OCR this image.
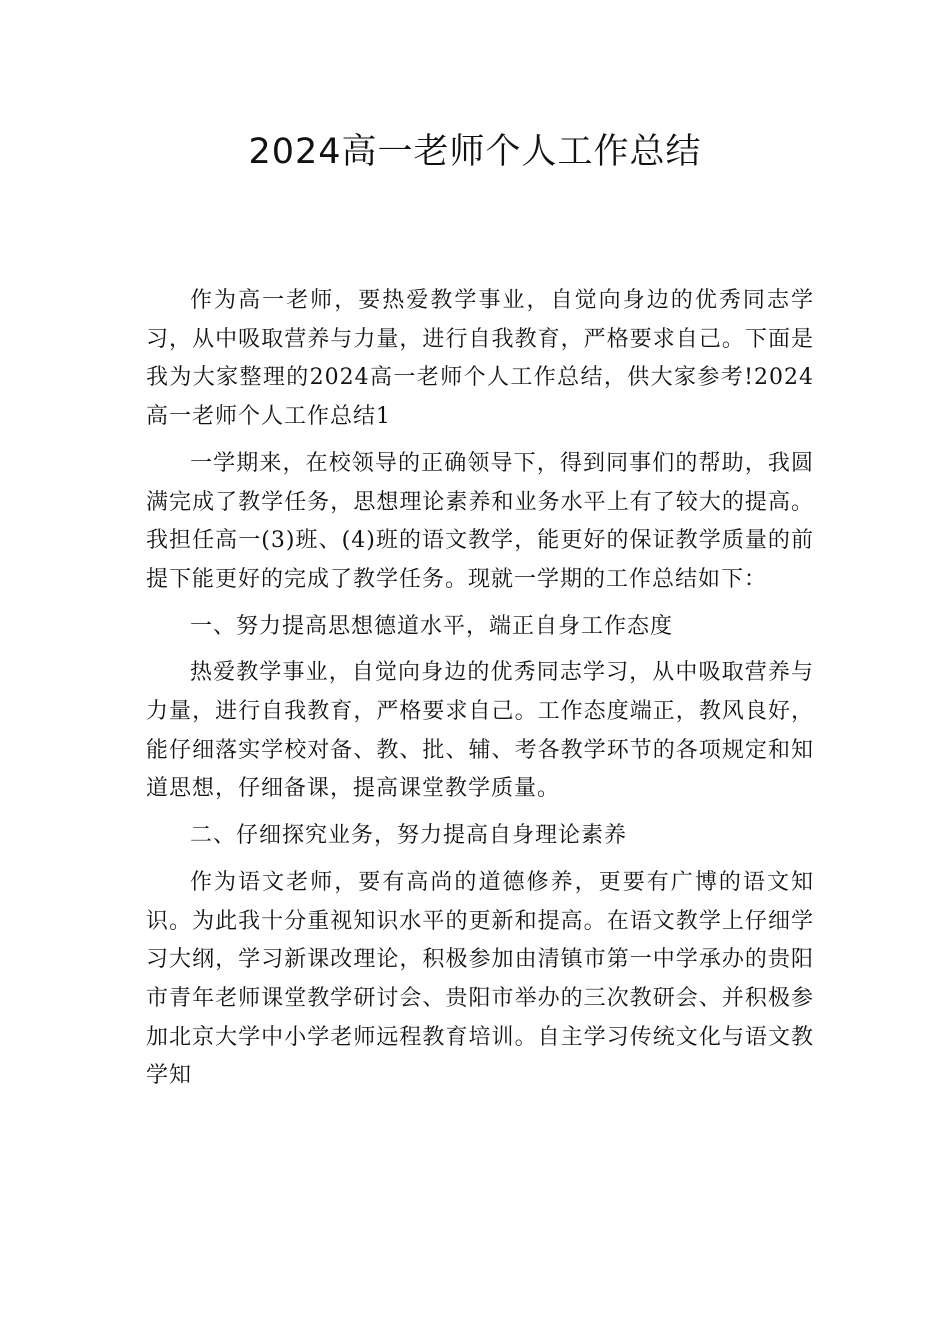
2024高一老师个人工作总结

作为高一老师，要热爱教学事业，自觉向身边的优秀同志学习，从中吸取营养与力量，进行自我教育，严格要求自己。下面是我为大家整理的2024高一老师个人工作总结，供大家参考!2024高一老师个人工作总结1

一学期来，在校领导的正确领导下，得到同事们的帮助，我圆满完成了教学任务，思想理论素养和业务水平上有了较大的提高。我担任高一(3)班、(4)班的语文教学，能更好的保证教学质量的前提下能更好的完成了教学任务。现就一学期的工作总结如下：

一、努力提高思想德道水平，端正自身工作态度

热爱教学事业，自觉向身边的优秀同志学习，从中吸取营养与力量，进行自我教育，严格要求自己。工作态度端正，教风良好，能仔细落实学校对备、教、批、辅、考各教学环节的各项规定和知道思想，仔细备课，提高课堂教学质量。

二、仔细探究业务，努力提高自身理论素养

作为语文老师，要有高尚的道德修养，更要有广博的语文知识。为此我十分重视知识水平的更新和提高。在语文教学上仔细学习大纲，学习新课改理论，积极参加由清镇市第一中学承办的贵阳市青年老师课堂教学研讨会、贵阳市举办的三次教研会、并积极参加北京大学中小学老师远程教育培训。自主学习传统文化与语文教学知
